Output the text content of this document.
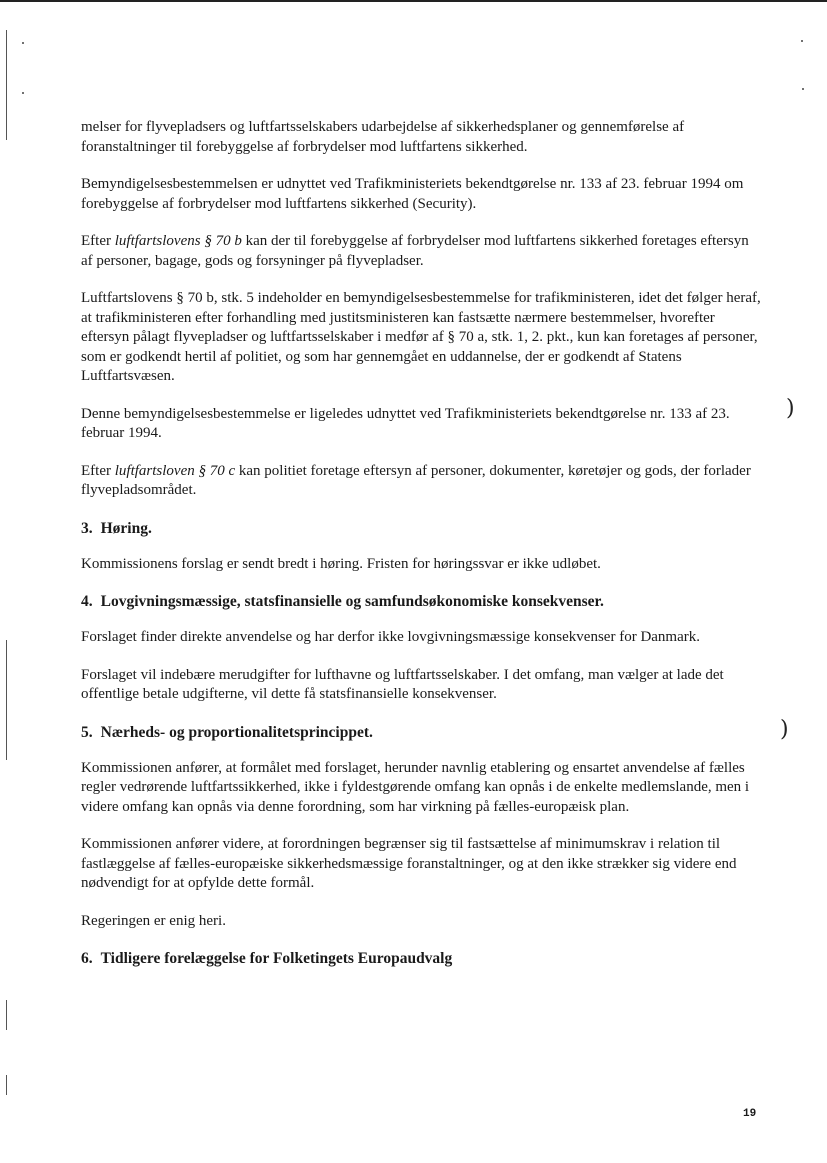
)
)

melser for flyvepladsers og luftfartsselskabers udarbejdelse af sikkerhedsplaner og gennemførelse af foranstaltninger til forebyggelse af forbrydelser mod luftfartens sikkerhed.

Bemyndigelsesbestemmelsen er udnyttet ved Trafikministeriets bekendtgørelse nr. 133 af 23. februar 1994 om forebyggelse af forbrydelser mod luftfartens sikkerhed (Security).

Efter luftfartslovens § 70 b kan der til forebyggelse af forbrydelser mod luftfartens sikkerhed foretages eftersyn af personer, bagage, gods og forsyninger på flyvepladser.

Luftfartslovens § 70 b, stk. 5 indeholder en bemyndigelsesbestemmelse for trafikministeren, idet det følger heraf, at trafikministeren efter forhandling med justitsministeren kan fastsætte nærmere bestemmelser, hvorefter eftersyn pålagt flyvepladser og luftfartsselskaber i medfør af § 70 a, stk. 1, 2. pkt., kun kan foretages af personer, som er godkendt hertil af politiet, og som har gennemgået en uddannelse, der er godkendt af Statens Luftfartsvæsen.

Denne bemyndigelsesbestemmelse er ligeledes udnyttet ved Trafikministeriets bekendtgørelse nr. 133 af 23. februar 1994.

Efter luftfartsloven § 70 c kan politiet foretage eftersyn af personer, dokumenter, køretøjer og gods, der forlader flyvepladsområdet.

3. Høring.

Kommissionens forslag er sendt bredt i høring. Fristen for høringssvar er ikke udløbet.

4. Lovgivningsmæssige, statsfinansielle og samfundsøkonomiske konsekvenser.

Forslaget finder direkte anvendelse og har derfor ikke lovgivningsmæssige konsekvenser for Danmark.

Forslaget vil indebære merudgifter for lufthavne og luftfartsselskaber. I det omfang, man vælger at lade det offentlige betale udgifterne, vil dette få statsfinansielle konsekvenser.

5. Nærheds- og proportionalitetsprincippet.

Kommissionen anfører, at formålet med forslaget, herunder navnlig etablering og ensartet anvendelse af fælles regler vedrørende luftfartssikkerhed, ikke i fyldestgørende omfang kan opnås i de enkelte medlemslande, men i videre omfang kan opnås via denne forordning, som har virkning på fælles-europæisk plan.

Kommissionen anfører videre, at forordningen begrænser sig til fastsættelse af minimumskrav i relation til fastlæggelse af fælles-europæiske sikkerhedsmæssige foranstaltninger, og at den ikke strækker sig videre end nødvendigt for at opfylde dette formål.

Regeringen er enig heri.

6. Tidligere forelæggelse for Folketingets Europaudvalg
19
